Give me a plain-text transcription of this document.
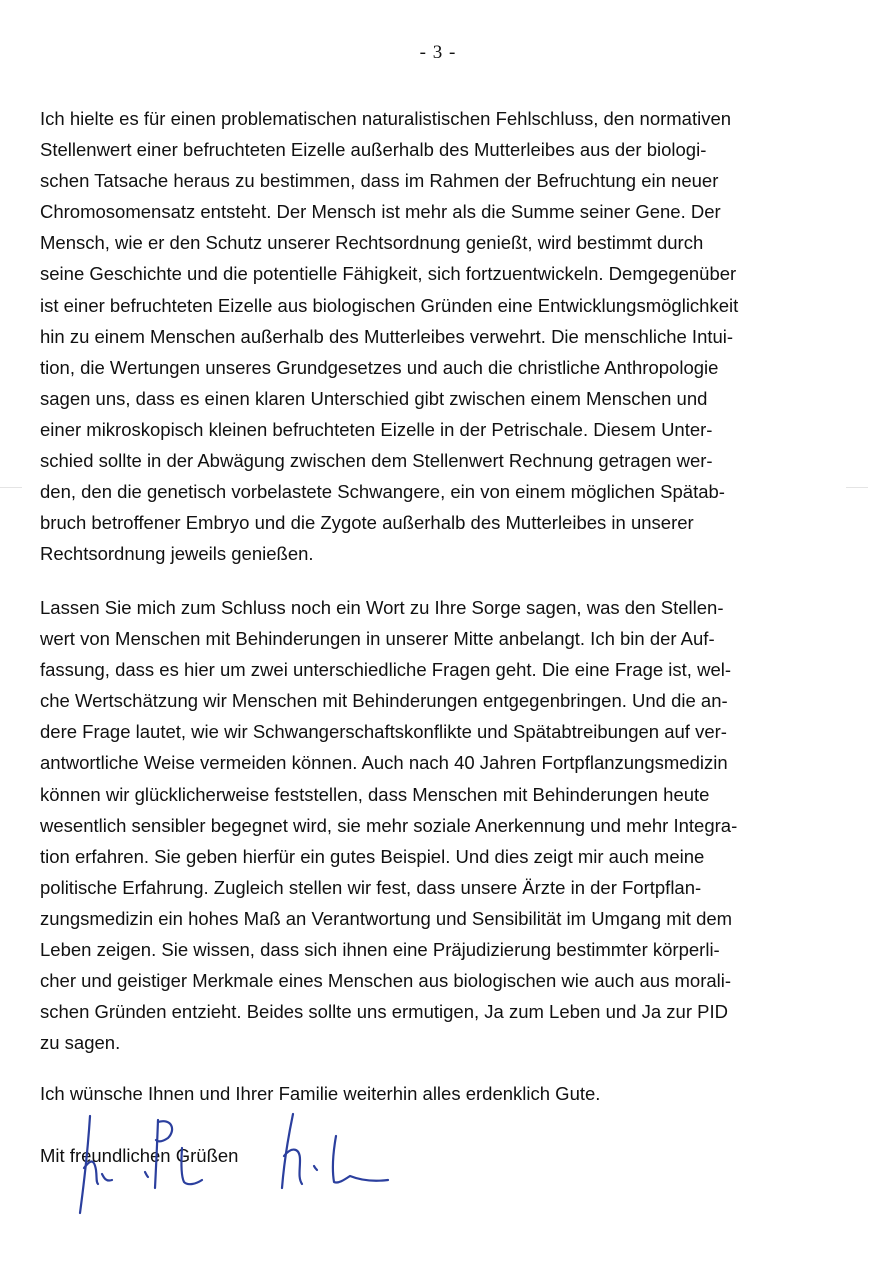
- 3 -
Ich hielte es für einen problematischen naturalistischen Fehlschluss, den normativen
Stellenwert einer befruchteten Eizelle außerhalb des Mutterleibes aus der biologi-
schen Tatsache heraus zu bestimmen, dass im Rahmen der Befruchtung ein neuer
Chromosomensatz entsteht. Der Mensch ist mehr als die Summe seiner Gene. Der
Mensch, wie er den Schutz unserer Rechtsordnung genießt, wird bestimmt durch
seine Geschichte und die potentielle Fähigkeit, sich fortzuentwickeln. Demgegenüber
ist einer befruchteten Eizelle aus biologischen Gründen eine Entwicklungsmöglichkeit
hin zu einem Menschen außerhalb des Mutterleibes verwehrt. Die menschliche Intui-
tion, die Wertungen unseres Grundgesetzes und auch die christliche Anthropologie
sagen uns, dass es einen klaren Unterschied gibt zwischen einem Menschen und
einer mikroskopisch kleinen befruchteten Eizelle in der Petrischale. Diesem Unter-
schied sollte in der Abwägung zwischen dem Stellenwert Rechnung getragen wer-
den, den die genetisch vorbelastete Schwangere, ein von einem möglichen Spätab-
bruch betroffener Embryo und die Zygote außerhalb des Mutterleibes in unserer
Rechtsordnung jeweils genießen.
Lassen Sie mich zum Schluss noch ein Wort zu Ihre Sorge sagen, was den Stellen-
wert von Menschen mit Behinderungen in unserer Mitte anbelangt. Ich bin der Auf-
fassung, dass es hier um zwei unterschiedliche Fragen geht. Die eine Frage ist, wel-
che Wertschätzung wir Menschen mit Behinderungen entgegenbringen. Und die an-
dere Frage lautet, wie wir Schwangerschaftskonflikte und Spätabtreibungen auf ver-
antwortliche Weise vermeiden können. Auch nach 40 Jahren Fortpflanzungsmedizin
können wir glücklicherweise feststellen, dass Menschen mit Behinderungen heute
wesentlich sensibler begegnet wird, sie mehr soziale Anerkennung und mehr Integra-
tion erfahren. Sie geben hierfür ein gutes Beispiel. Und dies zeigt mir auch meine
politische Erfahrung. Zugleich stellen wir fest, dass unsere Ärzte in der Fortpflan-
zungsmedizin ein hohes Maß an Verantwortung und Sensibilität im Umgang mit dem
Leben zeigen. Sie wissen, dass sich ihnen eine Präjudizierung bestimmter körperli-
cher und geistiger Merkmale eines Menschen aus biologischen wie auch aus morali-
schen Gründen entzieht. Beides sollte uns ermutigen, Ja zum Leben und Ja zur PID
zu sagen.
Ich wünsche Ihnen und Ihrer Familie weiterhin alles erdenklich Gute.
Mit freundlichen Grüßen
